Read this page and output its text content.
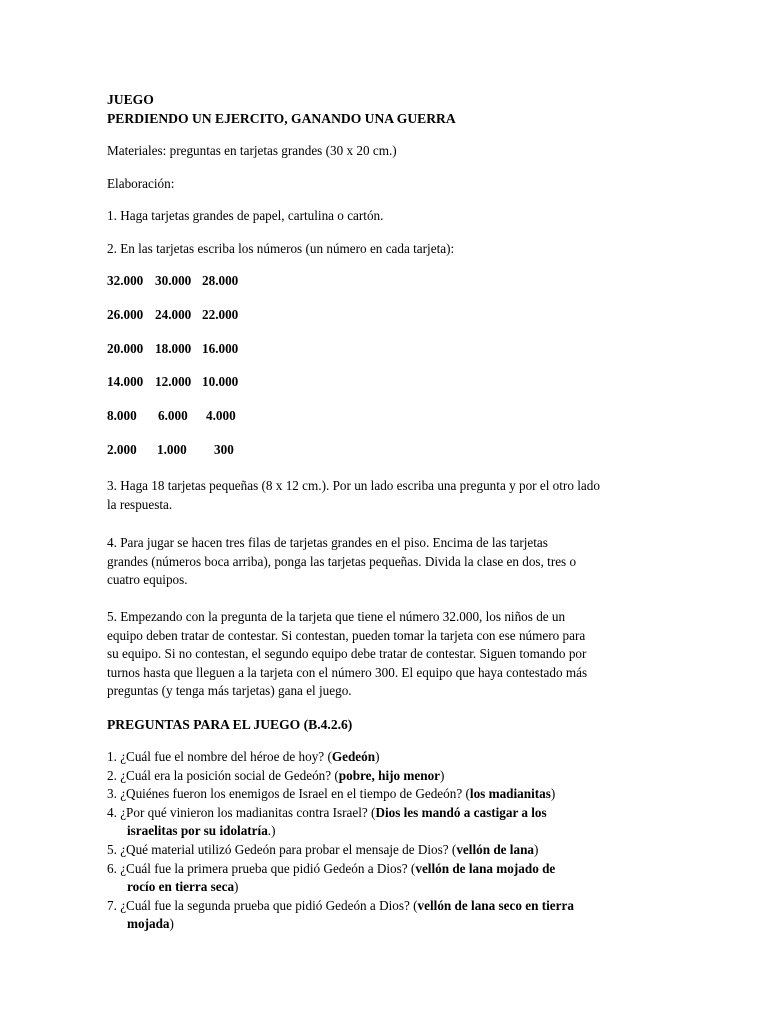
JUEGO
PERDIENDO UN EJERCITO, GANANDO UNA GUERRA
Materiales: preguntas en tarjetas grandes (30 x 20 cm.)
Elaboración:
1. Haga tarjetas grandes de papel, cartulina o cartón.
2. En las tarjetas escriba los números (un número en cada tarjeta):
32.000 30.000 28.000
26.000 24.000 22.000
20.000 18.000 16.000
14.000 12.000 10.000
8.000 6.000 4.000
2.000 1.000 300
3. Haga 18 tarjetas pequeñas (8 x 12 cm.). Por un lado escriba una pregunta y por el otro lado la respuesta.
4. Para jugar se hacen tres filas de tarjetas grandes en el piso. Encima de las tarjetas grandes (números boca arriba), ponga las tarjetas pequeñas. Divida la clase en dos, tres o cuatro equipos.
5. Empezando con la pregunta de la tarjeta que tiene el número 32.000, los niños de un equipo deben tratar de contestar. Si contestan, pueden tomar la tarjeta con ese número para su equipo. Si no contestan, el segundo equipo debe tratar de contestar. Siguen tomando por turnos hasta que lleguen a la tarjeta con el número 300. El equipo que haya contestado más preguntas (y tenga más tarjetas) gana el juego.
PREGUNTAS PARA EL JUEGO (B.4.2.6)
1. ¿Cuál fue el nombre del héroe de hoy? (Gedeón)
2. ¿Cuál era la posición social de Gedeón? (pobre, hijo menor)
3. ¿Quiénes fueron los enemigos de Israel en el tiempo de Gedeón? (los madianitas)
4. ¿Por qué vinieron los madianitas contra Israel? (Dios les mandó a castigar a los israelitas por su idolatría.)
5. ¿Qué material utilizó Gedeón para probar el mensaje de Dios? (vellón de lana)
6. ¿Cuál fue la primera prueba que pidió Gedeón a Dios? (vellón de lana mojado de rocío en tierra seca)
7. ¿Cuál fue la segunda prueba que pidió Gedeón a Dios? (vellón de lana seco en tierra mojada)
